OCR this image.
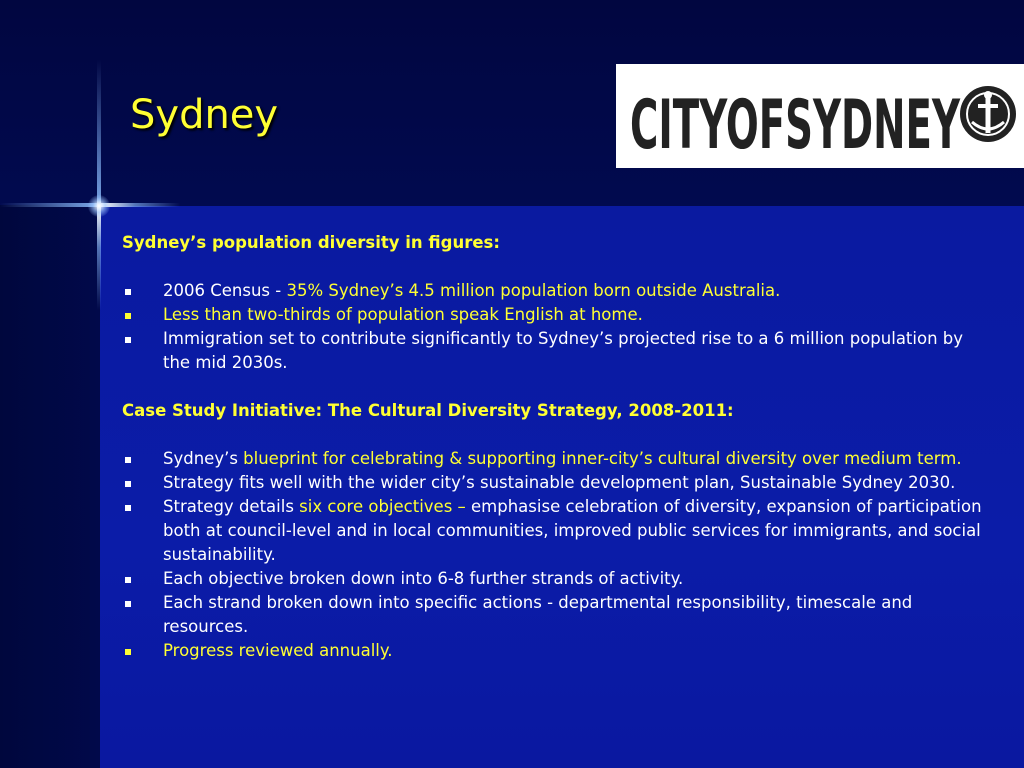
Sydney	CITYOFSYDNEY

Sydney’s population diversity in figures:

2006 Census - 35% Sydney’s 4.5 million population born outside Australia.
Less than two-thirds of population speak English at home.
Immigration set to contribute significantly to Sydney’s projected rise to a 6 million population by the mid 2030s.

Case Study Initiative: The Cultural Diversity Strategy, 2008-2011:

Sydney’s blueprint for celebrating & supporting inner-city’s cultural diversity over medium term.
Strategy fits well with the wider city’s sustainable development plan, Sustainable Sydney 2030.
Strategy details six core objectives – emphasise celebration of diversity, expansion of participation both at council-level and in local communities, improved public services for immigrants, and social sustainability.
Each objective broken down into 6-8 further strands of activity.
Each strand broken down into specific actions - departmental responsibility, timescale and resources.
Progress reviewed annually.
